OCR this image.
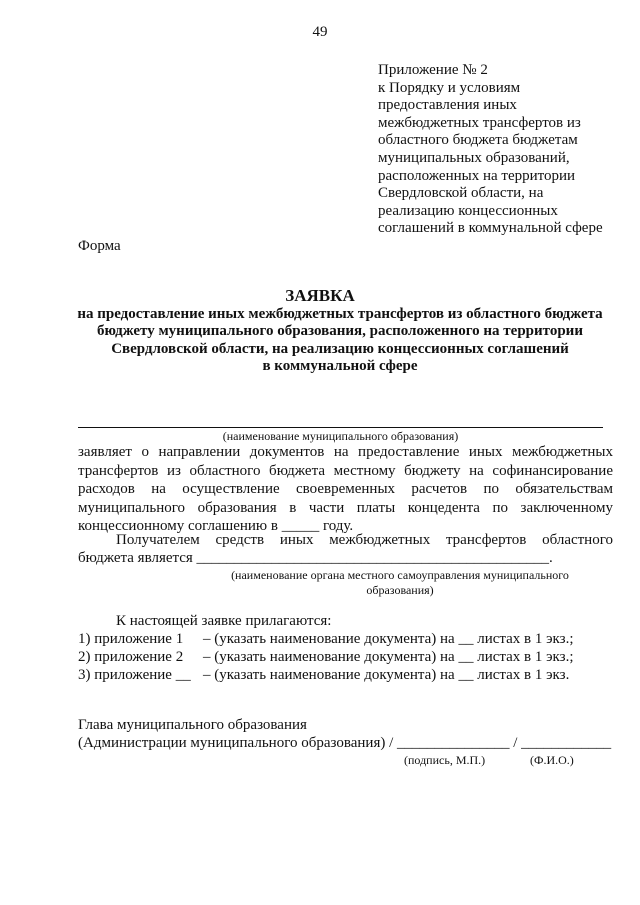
49
Приложение № 2
к Порядку и условиям
предоставления иных
межбюджетных трансфертов из
областного бюджета бюджетам
муниципальных образований,
расположенных на территории
Свердловской области, на
реализацию концессионных
соглашений в коммунальной сфере
Форма
ЗАЯВКА
на предоставление иных межбюджетных трансфертов из областного бюджета
бюджету муниципального образования, расположенного на территории
Свердловской области, на реализацию концессионных соглашений
в коммунальной сфере
(наименование муниципального образования)
заявляет о направлении документов на предоставление иных межбюджетных
трансфертов из областного бюджета местному бюджету на софинансирование
расходов на осуществление своевременных расчетов по обязательствам
муниципального образования в части платы концедента по заключенному
концессионному соглашению в _____ году.
Получателем средств иных межбюджетных трансфертов областного
бюджета является _______________________________________________.
(наименование органа местного самоуправления муниципального
образования)
К настоящей заявке прилагаются:
1) приложение 1 – (указать наименование документа) на __ листах в 1 экз.;
2) приложение 2 – (указать наименование документа) на __ листах в 1 экз.;
3) приложение __ – (указать наименование документа) на __ листах в 1 экз.
Глава муниципального образования
(Администрации муниципального образования) / _______________ / ____________
(подпись, М.П.)	(Ф.И.О.)
